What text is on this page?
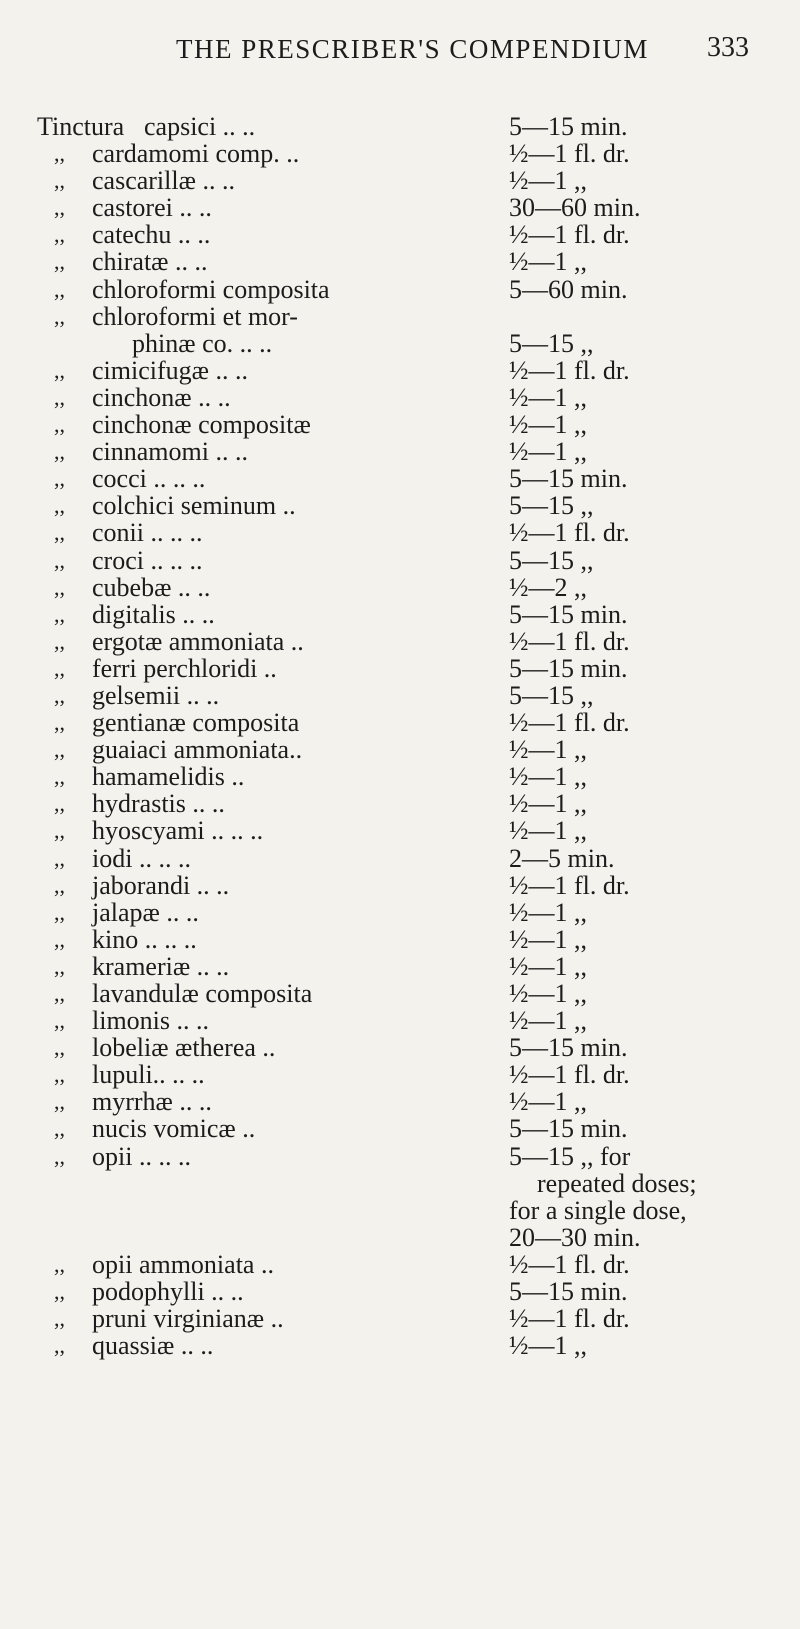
THE PRESCRIBER'S COMPENDIUM 333
Tinctura capsici .. ..	5—15 min.
,, cardamomi comp. ..	½—1 fl. dr.
,, cascarillæ .. ..	½—1 ,,
,, castorei .. ..	30—60 min.
,, catechu .. ..	½—1 fl. dr.
,, chiratæ .. ..	½—1 ,,
,, chloroformi composita	5—60 min.
,, chloroformi et mor-
phinæ co. .. ..	5—15 ,,
,, cimicifugæ .. ..	½—1 fl. dr.
,, cinchonæ .. ..	½—1 ,,
,, cinchonæ compositæ	½—1 ,,
,, cinnamomi .. ..	½—1 ,,
,, cocci .. .. ..	5—15 min.
,, colchici seminum ..	5—15 ,,
,, conii .. .. ..	½—1 fl. dr.
,, croci .. .. ..	5—15 ,,
,, cubebæ .. ..	½—2 ,,
,, digitalis .. ..	5—15 min.
,, ergotæ ammoniata ..	½—1 fl. dr.
,, ferri perchloridi ..	5—15 min.
,, gelsemii .. ..	5—15 ,,
,, gentianæ composita	½—1 fl. dr.
,, guaiaci ammoniata..	½—1 ,,
,, hamamelidis ..	½—1 ,,
,, hydrastis .. ..	½—1 ,,
,, hyoscyami .. .. ..	½—1 ,,
,, iodi .. .. ..	2—5 min.
,, jaborandi .. ..	½—1 fl. dr.
,, jalapæ .. ..	½—1 ,,
,, kino .. .. ..	½—1 ,,
,, krameriæ .. ..	½—1 ,,
,, lavandulæ composita	½—1 ,,
,, limonis .. ..	½—1 ,,
,, lobeliæ ætherea ..	5—15 min.
,, lupuli.. .. ..	½—1 fl. dr.
,, myrrhæ .. ..	½—1 ,,
,, nucis vomicæ ..	5—15 min.
,, opii .. .. ..	5—15 ,, for
repeated doses;
for a single dose,
20—30 min.
,, opii ammoniata ..	½—1 fl. dr.
,, podophylli .. ..	5—15 min.
,, pruni virginianæ ..	½—1 fl. dr.
,, quassiæ .. ..	½—1 ,,
